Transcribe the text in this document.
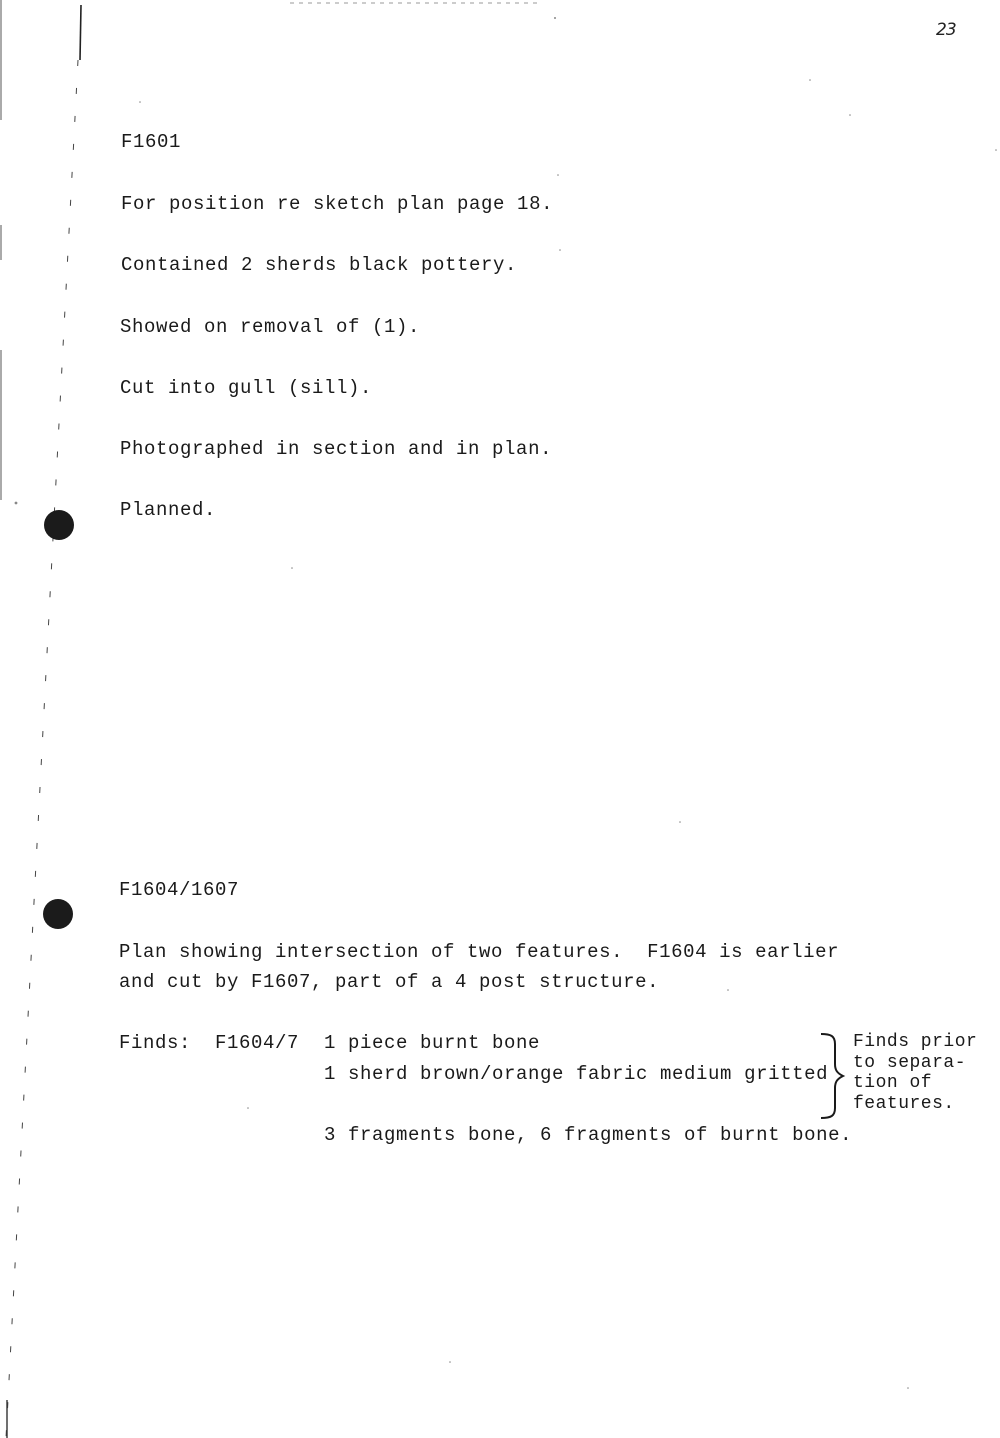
23
F1601
For position re sketch plan page 18.
Contained 2 sherds black pottery.
Showed on removal of (1).
Cut into gull (sill).
Photographed in section and in plan.
Planned.
F1604/1607
Plan showing intersection of two features.  F1604 is earlier
and cut by F1607, part of a 4 post structure.
Finds: F1604/7 1 piece burnt bone
1 sherd brown/orange fabric medium gritted
3 fragments bone, 6 fragments of burnt bone.
Finds prior
to separa-
tion of
features.
